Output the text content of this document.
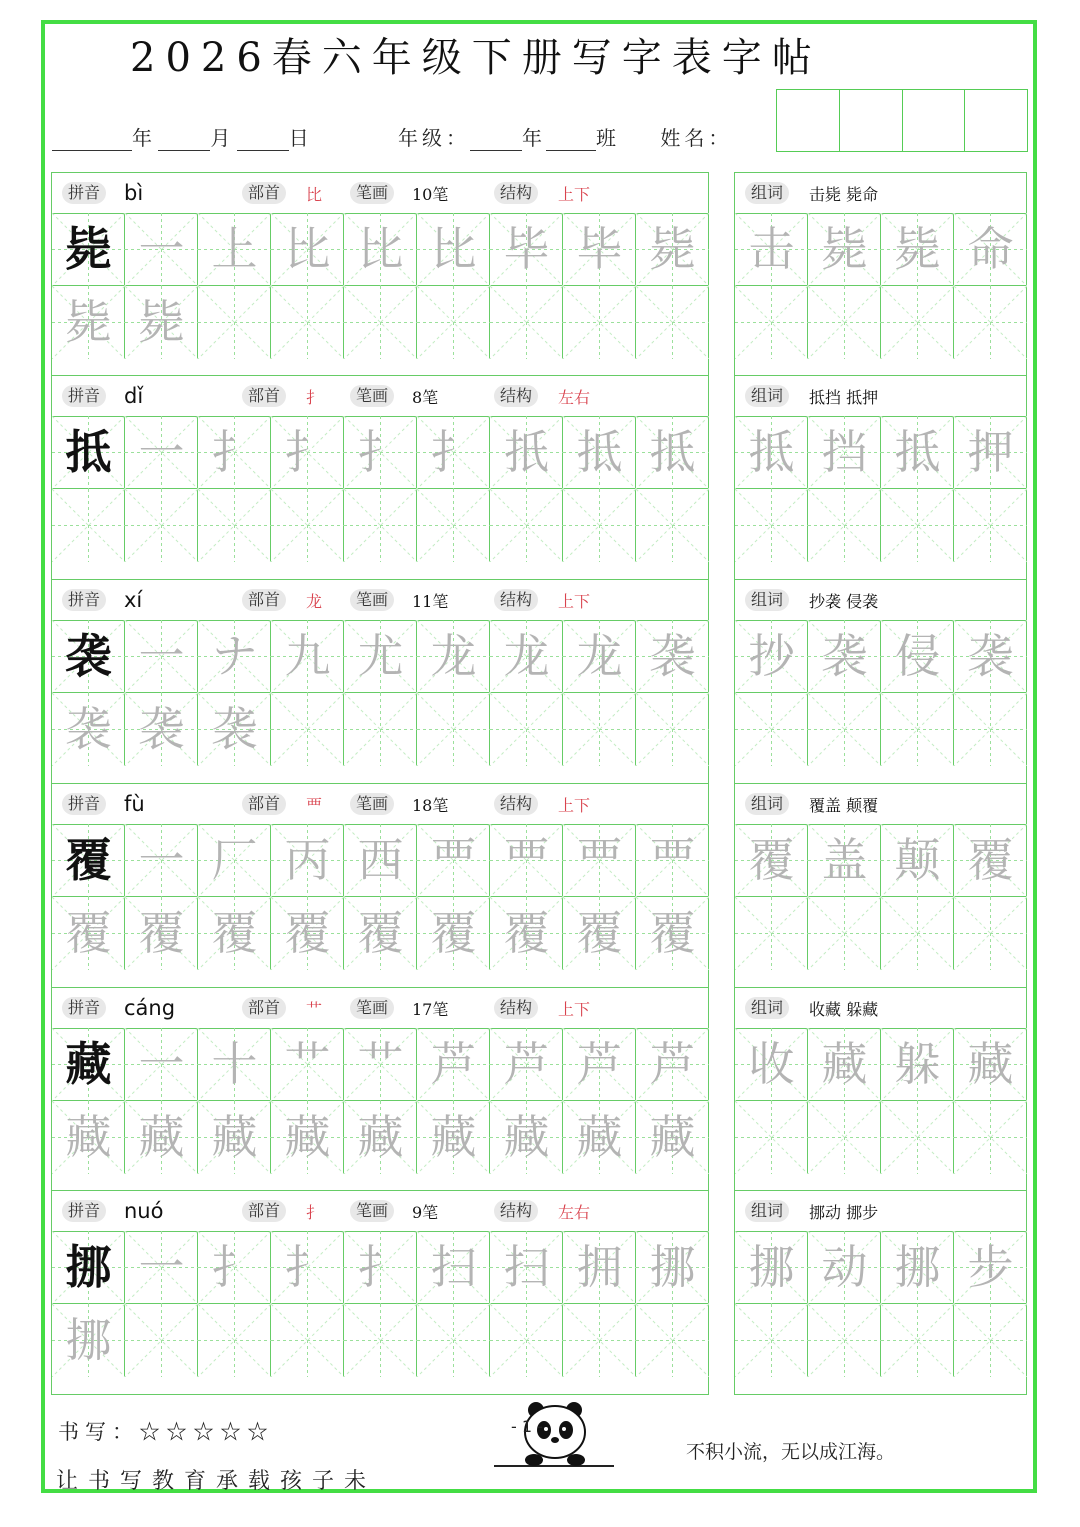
2026春六年级下册写字表字帖
年	月	日	年级：	年	班 姓名：
拼音 bì	部首	比	笔画	10笔	结构	上下
毙 一 上 比 比 比 毕 毕 毙
毙 毙
组词	击毙 毙命
击 毙 毙 命
拼音 dǐ	部首	扌	笔画	8笔	结构	左右
抵 一 扌 扌 扌 扌 扺 抵 抵
组词	抵挡 抵押
抵 挡 抵 押
拼音 xí	部首	龙	笔画	11笔	结构	上下
袭 一 ナ 九 尤 龙 龙 龙 袭
袭 袭 袭
组词	抄袭 侵袭
抄 袭 侵 袭
拼音 fù	部首	覀	笔画	18笔	结构	上下
覆 一 厂 丙 西 覀 覀 覀 覀
覆 覆 覆 覆 覆 覆 覆 覆 覆
组词	覆盖 颠覆
覆 盖 颠 覆
拼音 cáng	部首	艹	笔画	17笔	结构	上下
藏 一 十 艹 艹 芦 芦 芦 芦
藏 藏 藏 藏 藏 藏 藏 藏 藏
组词	收藏 躲藏
收 藏 躲 藏
拼音 nuó	部首	扌	笔画	9笔	结构	左右
挪 一 扌 扌 扌 扫 扫 拥 挪
挪
组词	挪动 挪步
挪 动 挪 步
书写：☆☆☆☆☆
让书写教育承载孩子未
- 1 -
不积小流，无以成江海。
